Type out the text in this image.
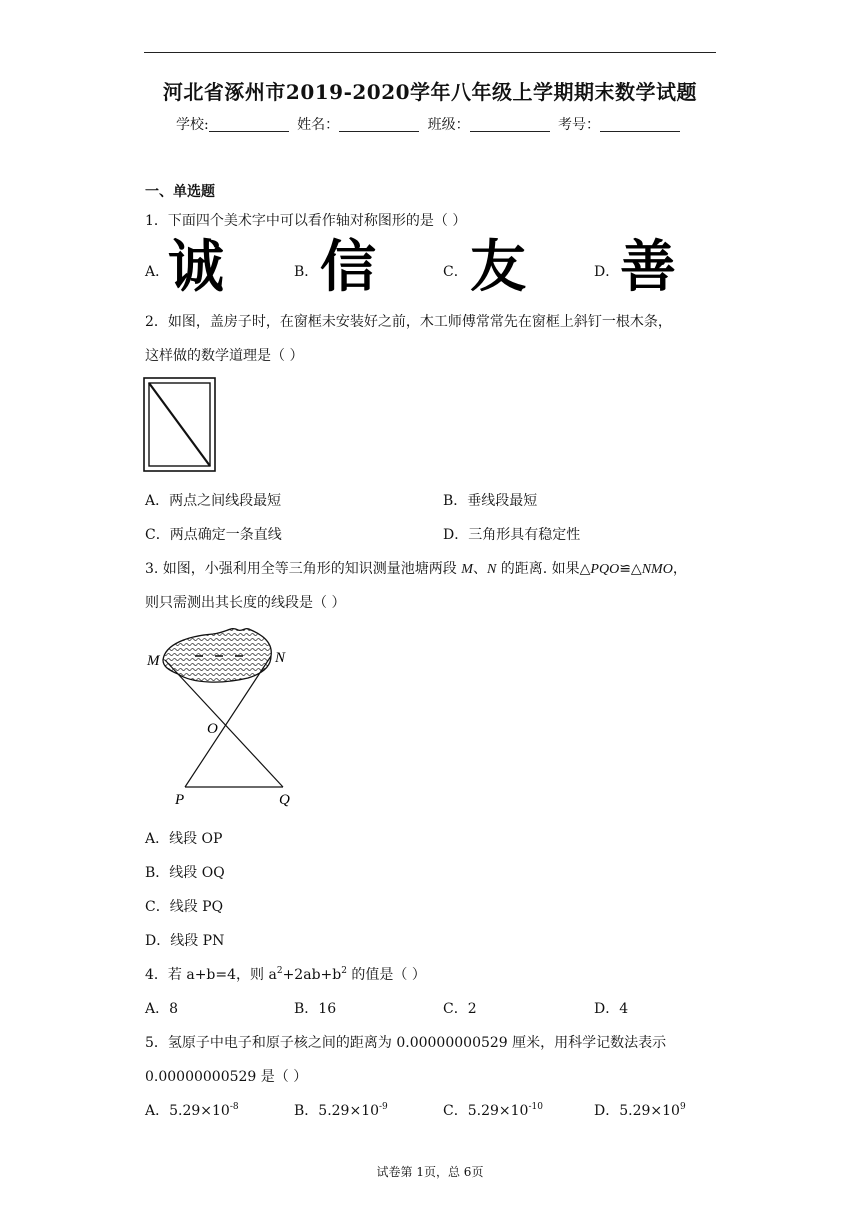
河北省涿州市2019-2020学年八年级上学期期末数学试题
学校:	姓名：	班级：	考号：
一、单选题
1．下面四个美术字中可以看作轴对称图形的是（ ）
A．
诚	B． 信	C． 友	D． 善
2．如图，盖房子时，在窗框未安装好之前，木工师傅常常先在窗框上斜钉一根木条，
这样做的数学道理是（ ）
A．两点之间线段最短	B．垂线段最短
C．两点确定一条直线	D．三角形具有稳定性
3. 如图，小强利用全等三角形的知识测量池塘两段 M、N 的距离. 如果△PQO≌△NMO，
则只需测出其长度的线段是（ ）
M	N
O
P	Q
A．线段 OP
B．线段 OQ
C．线段 PQ
D．线段 PN
4．若 a+b=4，则 $a^2+2ab+b^2$ 的值是（ ）
A．8	B．16	C．2	D．4
5．氢原子中电子和原子核之间的距离为 0.00000000529 厘米，用科学记数法表示
0.00000000529 是（ ）
A．$5.29\times 10^{-8}$	B．$5.29\times 10^{-9}$	C．$5.29\times 10^{-10}$	D．$5.29\times 10^9$
试卷第 1页，总 6页
